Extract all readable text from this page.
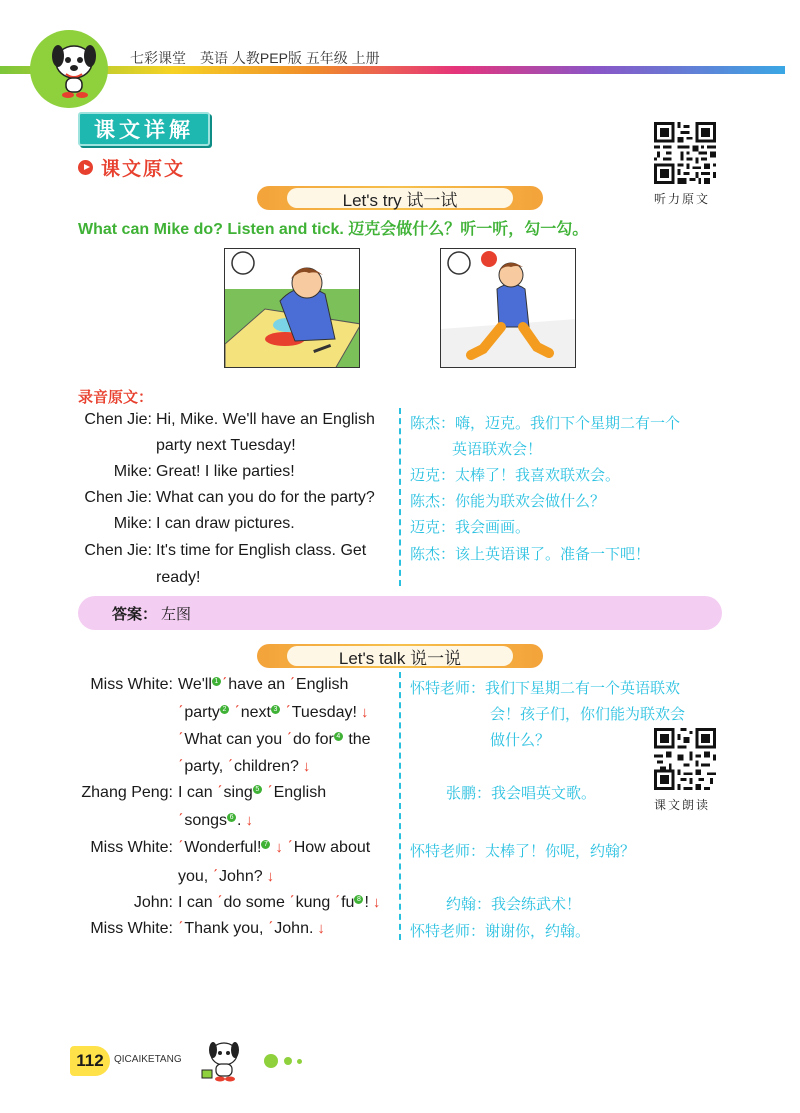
七彩课堂　英语 人教PEP版 五年级 上册
课文详解
课文原文
听力原文
Let's try 试一试
What can Mike do? Listen and tick. 迈克会做什么？听一听，勾一勾。
录音原文：
Chen Jie: Hi, Mike. We'll have an English 陈杰：嗨，迈克。我们下个星期二有一个
party next Tuesday!	英语联欢会！
Mike: Great! I like parties!	迈克：太棒了！我喜欢联欢会。
Chen Jie: What can you do for the party? 陈杰：你能为联欢会做什么？
Mike: I can draw pictures.	迈克：我会画画。
Chen Jie: It's time for English class. Get	陈杰：该上英语课了。准备一下吧！
ready!
答案： 左图
Let's talk 说一说
课文朗读
Miss White: We'll 1 ˊhave an ˊEnglish	怀特老师：我们下星期二有一个英语联欢
ˊparty 2 ˊnext 3 ˊTuesday! ↓	会！孩子们，你们能为联欢会
ˊWhat can you ˊdo for 4 the	做什么？
ˊparty, ˊchildren? ↓
Zhang Peng: I can ˊsing 5 ˊEnglish	张鹏：我会唱英文歌。
ˊsongs 6 . ↓
Miss White: ˊWonderful! 7 ↓ ˊHow about	怀特老师：太棒了！你呢，约翰？
you, ˊJohn? ↓
John: I can ˊdo some ˊkung ˊfu 8 ! ↓	约翰：我会练武术！
Miss White: ˊThank you, ˊJohn. ↓	怀特老师：谢谢你，约翰。
112	QICAIKETANG
